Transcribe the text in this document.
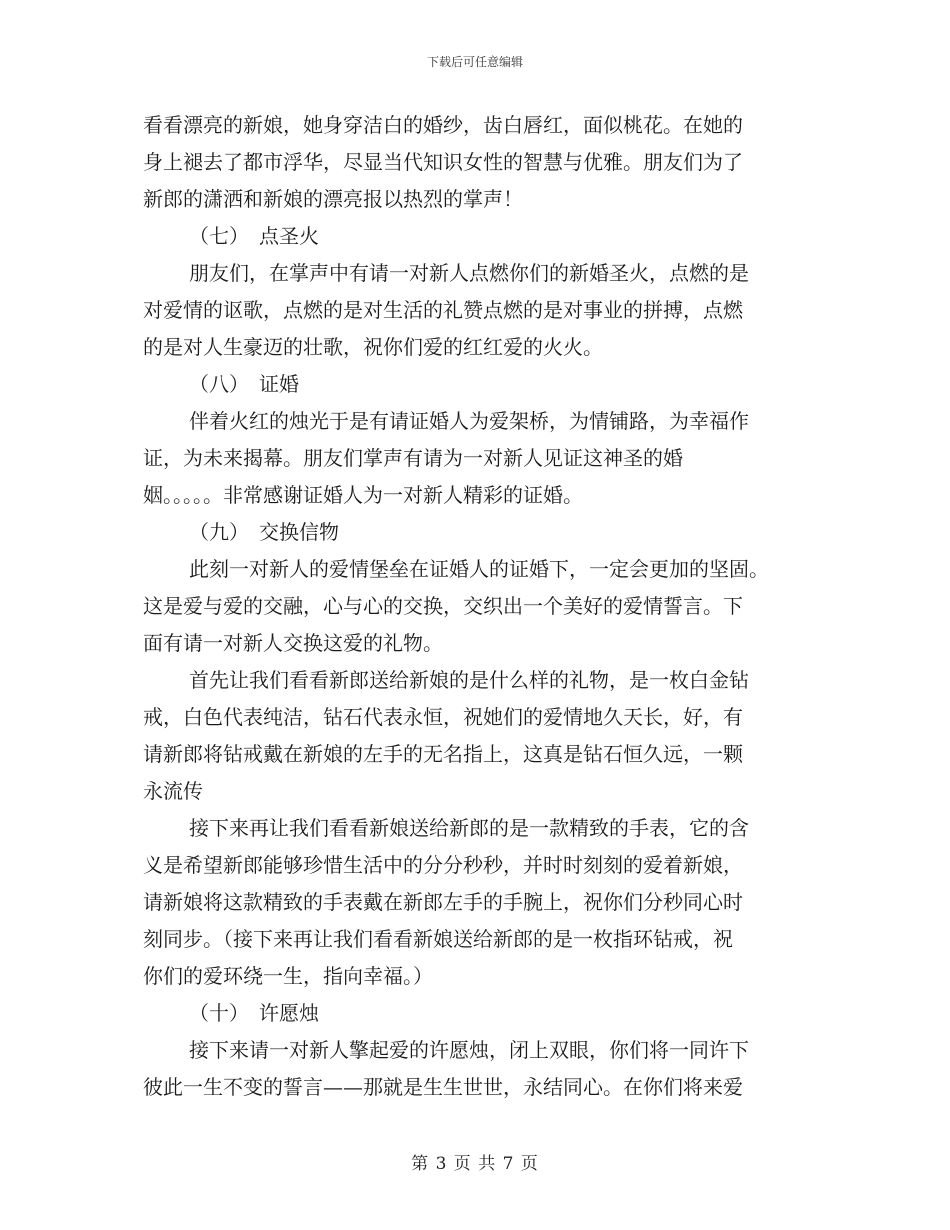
下载后可任意编辑
看看漂亮的新娘，她身穿洁白的婚纱，齿白唇红，面似桃花。在她的
身上褪去了都市浮华，尽显当代知识女性的智慧与优雅。朋友们为了
新郎的潇洒和新娘的漂亮报以热烈的掌声！
（七）　点圣火
朋友们，在掌声中有请一对新人点燃你们的新婚圣火，点燃的是
对爱情的讴歌，点燃的是对生活的礼赞点燃的是对事业的拼搏，点燃
的是对人生豪迈的壮歌，祝你们爱的红红爱的火火。
（八）　证婚
伴着火红的烛光于是有请证婚人为爱架桥，为情铺路，为幸福作
证，为未来揭幕。朋友们掌声有请为一对新人见证这神圣的婚
姻。。。。。非常感谢证婚人为一对新人精彩的证婚。
（九）　交换信物
此刻一对新人的爱情堡垒在证婚人的证婚下，一定会更加的坚固。
这是爱与爱的交融，心与心的交换，交织出一个美好的爱情誓言。下
面有请一对新人交换这爱的礼物。
首先让我们看看新郎送给新娘的是什么样的礼物，是一枚白金钻
戒，白色代表纯洁，钻石代表永恒，祝她们的爱情地久天长，好，有
请新郎将钻戒戴在新娘的左手的无名指上，这真是钻石恒久远，一颗
永流传
接下来再让我们看看新娘送给新郎的是一款精致的手表，它的含
义是希望新郎能够珍惜生活中的分分秒秒，并时时刻刻的爱着新娘，
请新娘将这款精致的手表戴在新郎左手的手腕上，祝你们分秒同心时
刻同步。（接下来再让我们看看新娘送给新郎的是一枚指环钻戒，祝
你们的爱环绕一生，指向幸福。）
（十）　许愿烛
接下来请一对新人擎起爱的许愿烛，闭上双眼，你们将一同许下
彼此一生不变的誓言——那就是生生世世，永结同心。在你们将来爱
第 3 页 共 7 页
